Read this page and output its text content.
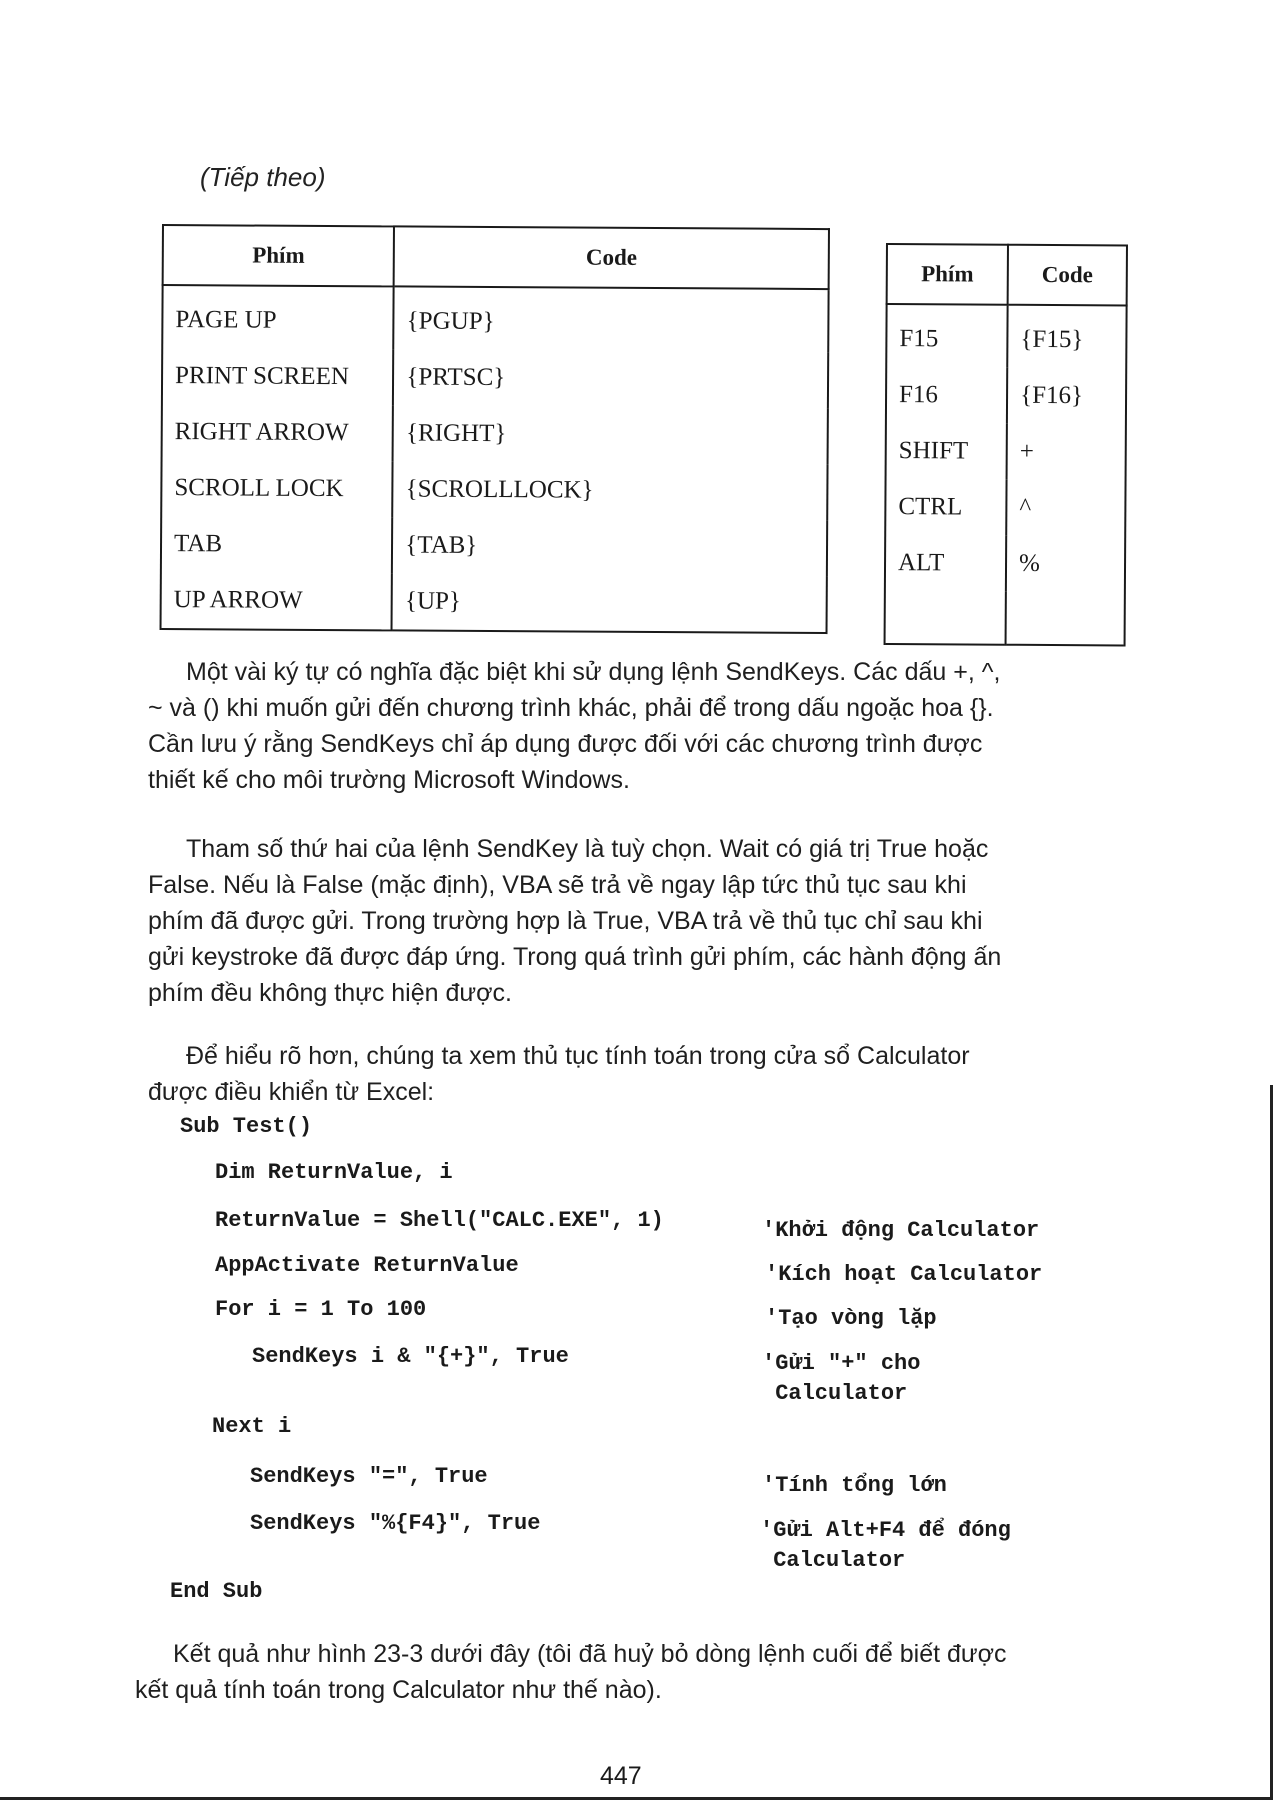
(Tiếp theo)
Phím	Code
PAGE UP	{PGUP}
PRINT SCREEN	{PRTSC}
RIGHT ARROW	{RIGHT}
SCROLL LOCK	{SCROLLLOCK}
TAB	{TAB}
UP ARROW	{UP}
Phím	Code
F15	{F15}
F16	{F16}
SHIFT	+
CTRL	^
ALT	%

Một vài ký tự có nghĩa đặc biệt khi sử dụng lệnh SendKeys. Các dấu +, ^,
~ và () khi muốn gửi đến chương trình khác, phải để trong dấu ngoặc hoa {}.
Cần lưu ý rằng SendKeys chỉ áp dụng được đối với các chương trình được
thiết kế cho môi trường Microsoft Windows.
Tham số thứ hai của lệnh SendKey là tuỳ chọn. Wait có giá trị True hoặc
False. Nếu là False (mặc định), VBA sẽ trả về ngay lập tức thủ tục sau khi
phím đã được gửi. Trong trường hợp là True, VBA trả về thủ tục chỉ sau khi
gửi keystroke đã được đáp ứng. Trong quá trình gửi phím, các hành động ấn
phím đều không thực hiện được.
Để hiểu rõ hơn, chúng ta xem thủ tục tính toán trong cửa sổ Calculator
được điều khiển từ Excel:
Sub Test()
Dim ReturnValue, i
ReturnValue = Shell("CALC.EXE", 1)	'Khởi động Calculator
AppActivate ReturnValue	'Kích hoạt Calculator
For i = 1 To 100	'Tạo vòng lặp
SendKeys i & "{+}", True	'Gửi "+" cho
Calculator
Next i
SendKeys "=", True	'Tính tổng lớn
SendKeys "%{F4}", True	'Gửi Alt+F4 để đóng
Calculator
End Sub
Kết quả như hình 23-3 dưới đây (tôi đã huỷ bỏ dòng lệnh cuối để biết được
kết quả tính toán trong Calculator như thế nào).
447
